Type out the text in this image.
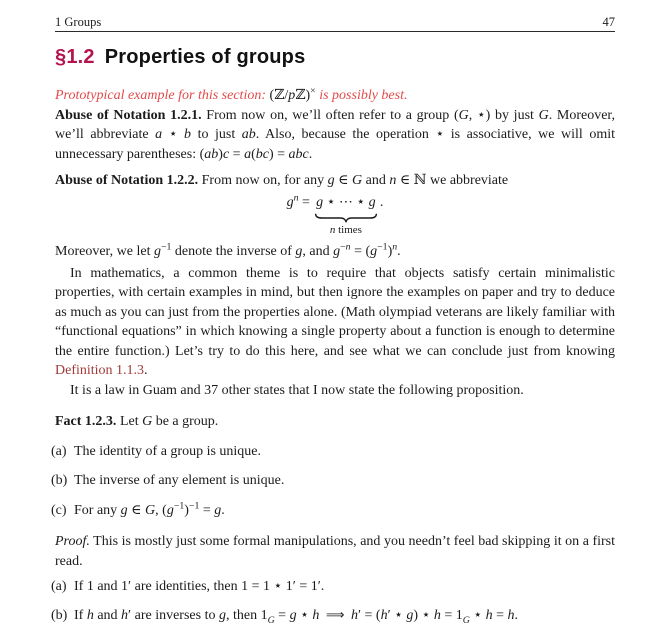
1 Groups	47
§1.2 Properties of groups
Prototypical example for this section: (ℤ/pℤ)× is possibly best.

Abuse of Notation 1.2.1. From now on, we’ll often refer to a group (G, ⋆) by just G. Moreover, we’ll abbreviate a ⋆ b to just ab. Also, because the operation ⋆ is associative, we will omit unnecessary parentheses: (ab)c = a(bc) = abc.

Abuse of Notation 1.2.2. From now on, for any g ∈ G and n ∈ ℕ we abbreviate

$g^n = g$ ⋆ ⋯ ⋆ g
n times
.

Moreover, we let $g^{-1}$ denote the inverse of g, and $g^{-n} = (g^{-1})^n$.

In mathematics, a common theme is to require that objects satisfy certain minimalistic properties, with certain examples in mind, but then ignore the examples on paper and try to deduce as much as you can just from the properties alone. (Math olympiad veterans are likely familiar with “functional equations” in which knowing a single property about a function is enough to determine the entire function.) Let’s try to do this here, and see what we can conclude just from knowing Definition 1.1.3.

It is a law in Guam and 37 other states that I now state the following proposition.

Fact 1.2.3. Let G be a group.

(a) The identity of a group is unique.
(b) The inverse of any element is unique.
(c) For any g ∈ G, $(g^{-1})^{-1} = g$.

Proof. This is mostly just some formal manipulations, and you needn’t feel bad skipping it on a first read.

(a) If 1 and 1′ are identities, then 1 = 1 ⋆ 1′ = 1′.
(b) If h and h′ are inverses to g, then $1_G = g$ ⋆ h ⟹ h′ = (h′ ⋆ g) ⋆ $h = 1_G$ ⋆ h = h.
